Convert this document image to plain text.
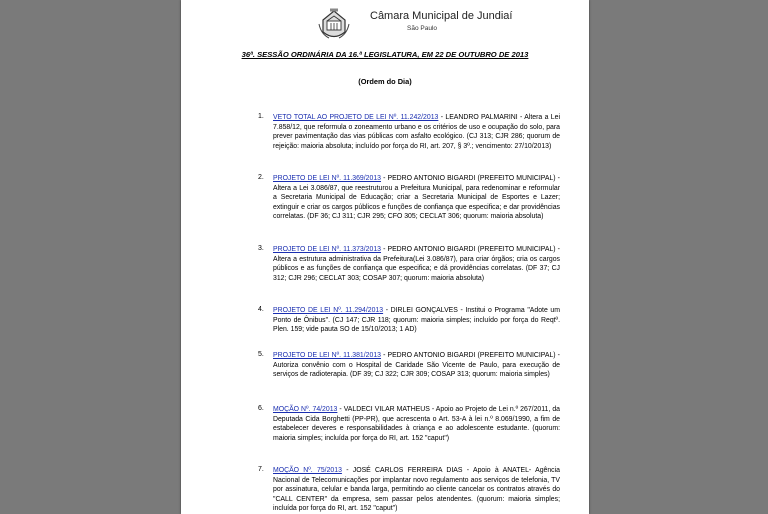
Câmara Municipal de Jundiaí
São Paulo
36ª. SESSÃO ORDINÁRIA DA 16.ª LEGISLATURA, EM 22 DE OUTUBRO DE 2013
(Ordem do Dia)
1. VETO TOTAL AO PROJETO DE LEI Nº. 11.242/2013 - LEANDRO PALMARINI - Altera a Lei 7.858/12, que reformula o zoneamento urbano e os critérios de uso e ocupação do solo, para prever pavimentação das vias públicas com asfalto ecológico. (CJ 313; CJR 286; quorum de rejeição: maioria absoluta; incluído por força do RI, art. 207, § 3º.; vencimento: 27/10/2013)
2. PROJETO DE LEI Nº. 11.369/2013 - PEDRO ANTONIO BIGARDI (PREFEITO MUNICIPAL) - Altera a Lei 3.086/87, que reestruturou a Prefeitura Municipal, para redenominar e reformular a Secretaria Municipal de Educação; criar a Secretaria Municipal de Esportes e Lazer; extinguir e criar os cargos públicos e funções de confiança que especifica; e dar providências correlatas. (DF 36; CJ 311; CJR 295; CFO 305; CECLAT 306; quorum: maioria absoluta)
3. PROJETO DE LEI Nº. 11.373/2013 - PEDRO ANTONIO BIGARDI (PREFEITO MUNICIPAL) - Altera a estrutura administrativa da Prefeitura(Lei 3.086/87), para criar órgãos; cria os cargos públicos e as funções de confiança que especifica; e dá providências correlatas. (DF 37; CJ 312; CJR 296; CECLAT 303; COSAP 307; quorum: maioria absoluta)
4. PROJETO DE LEI Nº. 11.294/2013 - DIRLEI GONÇALVES - Institui o Programa "Adote um Ponto de Ônibus". (CJ 147; CJR 118; quorum: maioria simples; incluído por força do Reqtº. Plen. 159; vide pauta SO de 15/10/2013; 1 AD)
5. PROJETO DE LEI Nº. 11.381/2013 - PEDRO ANTONIO BIGARDI (PREFEITO MUNICIPAL) - Autoriza convênio com o Hospital de Caridade São Vicente de Paulo, para execução de serviços de radioterapia. (DF 39; CJ 322; CJR 309; COSAP 313; quorum: maioria simples)
6. MOÇÃO Nº. 74/2013 - VALDECI VILAR MATHEUS - Apoio ao Projeto de Lei n.º 267/2011, da Deputada Cida Borghetti (PP-PR), que acrescenta o Art. 53-A à lei n.º 8.069/1990, a fim de estabelecer deveres e responsabilidades à criança e ao adolescente estudante. (quorum: maioria simples; incluída por força do RI, art. 152 "caput")
7. MOÇÃO Nº. 75/2013 - JOSÉ CARLOS FERREIRA DIAS - Apoio à ANATEL- Agência Nacional de Telecomunicações por implantar novo regulamento aos serviços de telefonia, TV por assinatura, celular e banda larga, permitindo ao cliente cancelar os contratos através do "CALL CENTER" da empresa, sem passar pelos atendentes. (quorum: maioria simples; incluída por força do RI, art. 152 "caput")
